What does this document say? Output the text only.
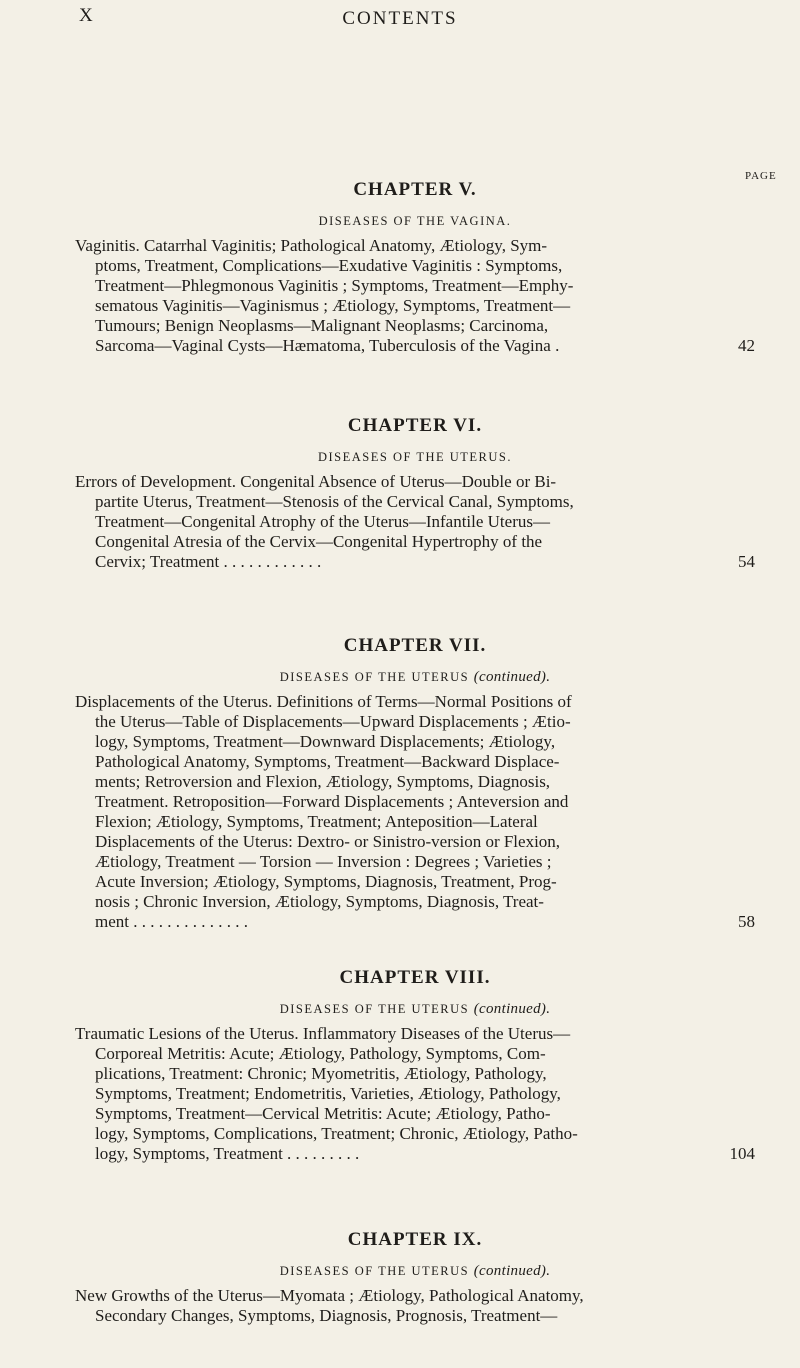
X	CONTENTS
PAGE
CHAPTER V.
DISEASES OF THE VAGINA.

Vaginitis. Catarrhal Vaginitis; Pathological Anatomy, Ætiology, Sym-
ptoms, Treatment, Complications—Exudative Vaginitis : Symptoms,
Treatment—Phlegmonous Vaginitis ; Symptoms, Treatment—Emphy-
sematous Vaginitis—Vaginismus ; Ætiology, Symptoms, Treatment—
Tumours; Benign Neoplasms—Malignant Neoplasms; Carcinoma,
Sarcoma—Vaginal Cysts—Hæmatoma, Tuberculosis of the Vagina .	42

CHAPTER VI.
DISEASES OF THE UTERUS.

Errors of Development. Congenital Absence of Uterus—Double or Bi-
partite Uterus, Treatment—Stenosis of the Cervical Canal, Symptoms,
Treatment—Congenital Atrophy of the Uterus—Infantile Uterus—
Congenital Atresia of the Cervix—Congenital Hypertrophy of the
Cervix; Treatment . . . . . . . . . . . .	54

CHAPTER VII.
DISEASES OF THE UTERUS (continued).

Displacements of the Uterus. Definitions of Terms—Normal Positions of
the Uterus—Table of Displacements—Upward Displacements ; Ætio-
logy, Symptoms, Treatment—Downward Displacements; Ætiology,
Pathological Anatomy, Symptoms, Treatment—Backward Displace-
ments; Retroversion and Flexion, Ætiology, Symptoms, Diagnosis,
Treatment. Retroposition—Forward Displacements ; Anteversion and
Flexion; Ætiology, Symptoms, Treatment; Anteposition—Lateral
Displacements of the Uterus: Dextro- or Sinistro-version or Flexion,
Ætiology, Treatment — Torsion — Inversion : Degrees ; Varieties ;
Acute Inversion; Ætiology, Symptoms, Diagnosis, Treatment, Prog-
nosis ; Chronic Inversion, Ætiology, Symptoms, Diagnosis, Treat-
ment . . . . . . . . . . . . . .	58

CHAPTER VIII.
DISEASES OF THE UTERUS (continued).

Traumatic Lesions of the Uterus. Inflammatory Diseases of the Uterus—
Corporeal Metritis: Acute; Ætiology, Pathology, Symptoms, Com-
plications, Treatment: Chronic; Myometritis, Ætiology, Pathology,
Symptoms, Treatment; Endometritis, Varieties, Ætiology, Pathology,
Symptoms, Treatment—Cervical Metritis: Acute; Ætiology, Patho-
logy, Symptoms, Complications, Treatment; Chronic, Ætiology, Patho-
logy, Symptoms, Treatment . . . . . . . . .	104

CHAPTER IX.
DISEASES OF THE UTERUS (continued).

New Growths of the Uterus—Myomata ; Ætiology, Pathological Anatomy,
Secondary Changes, Symptoms, Diagnosis, Prognosis, Treatment—
